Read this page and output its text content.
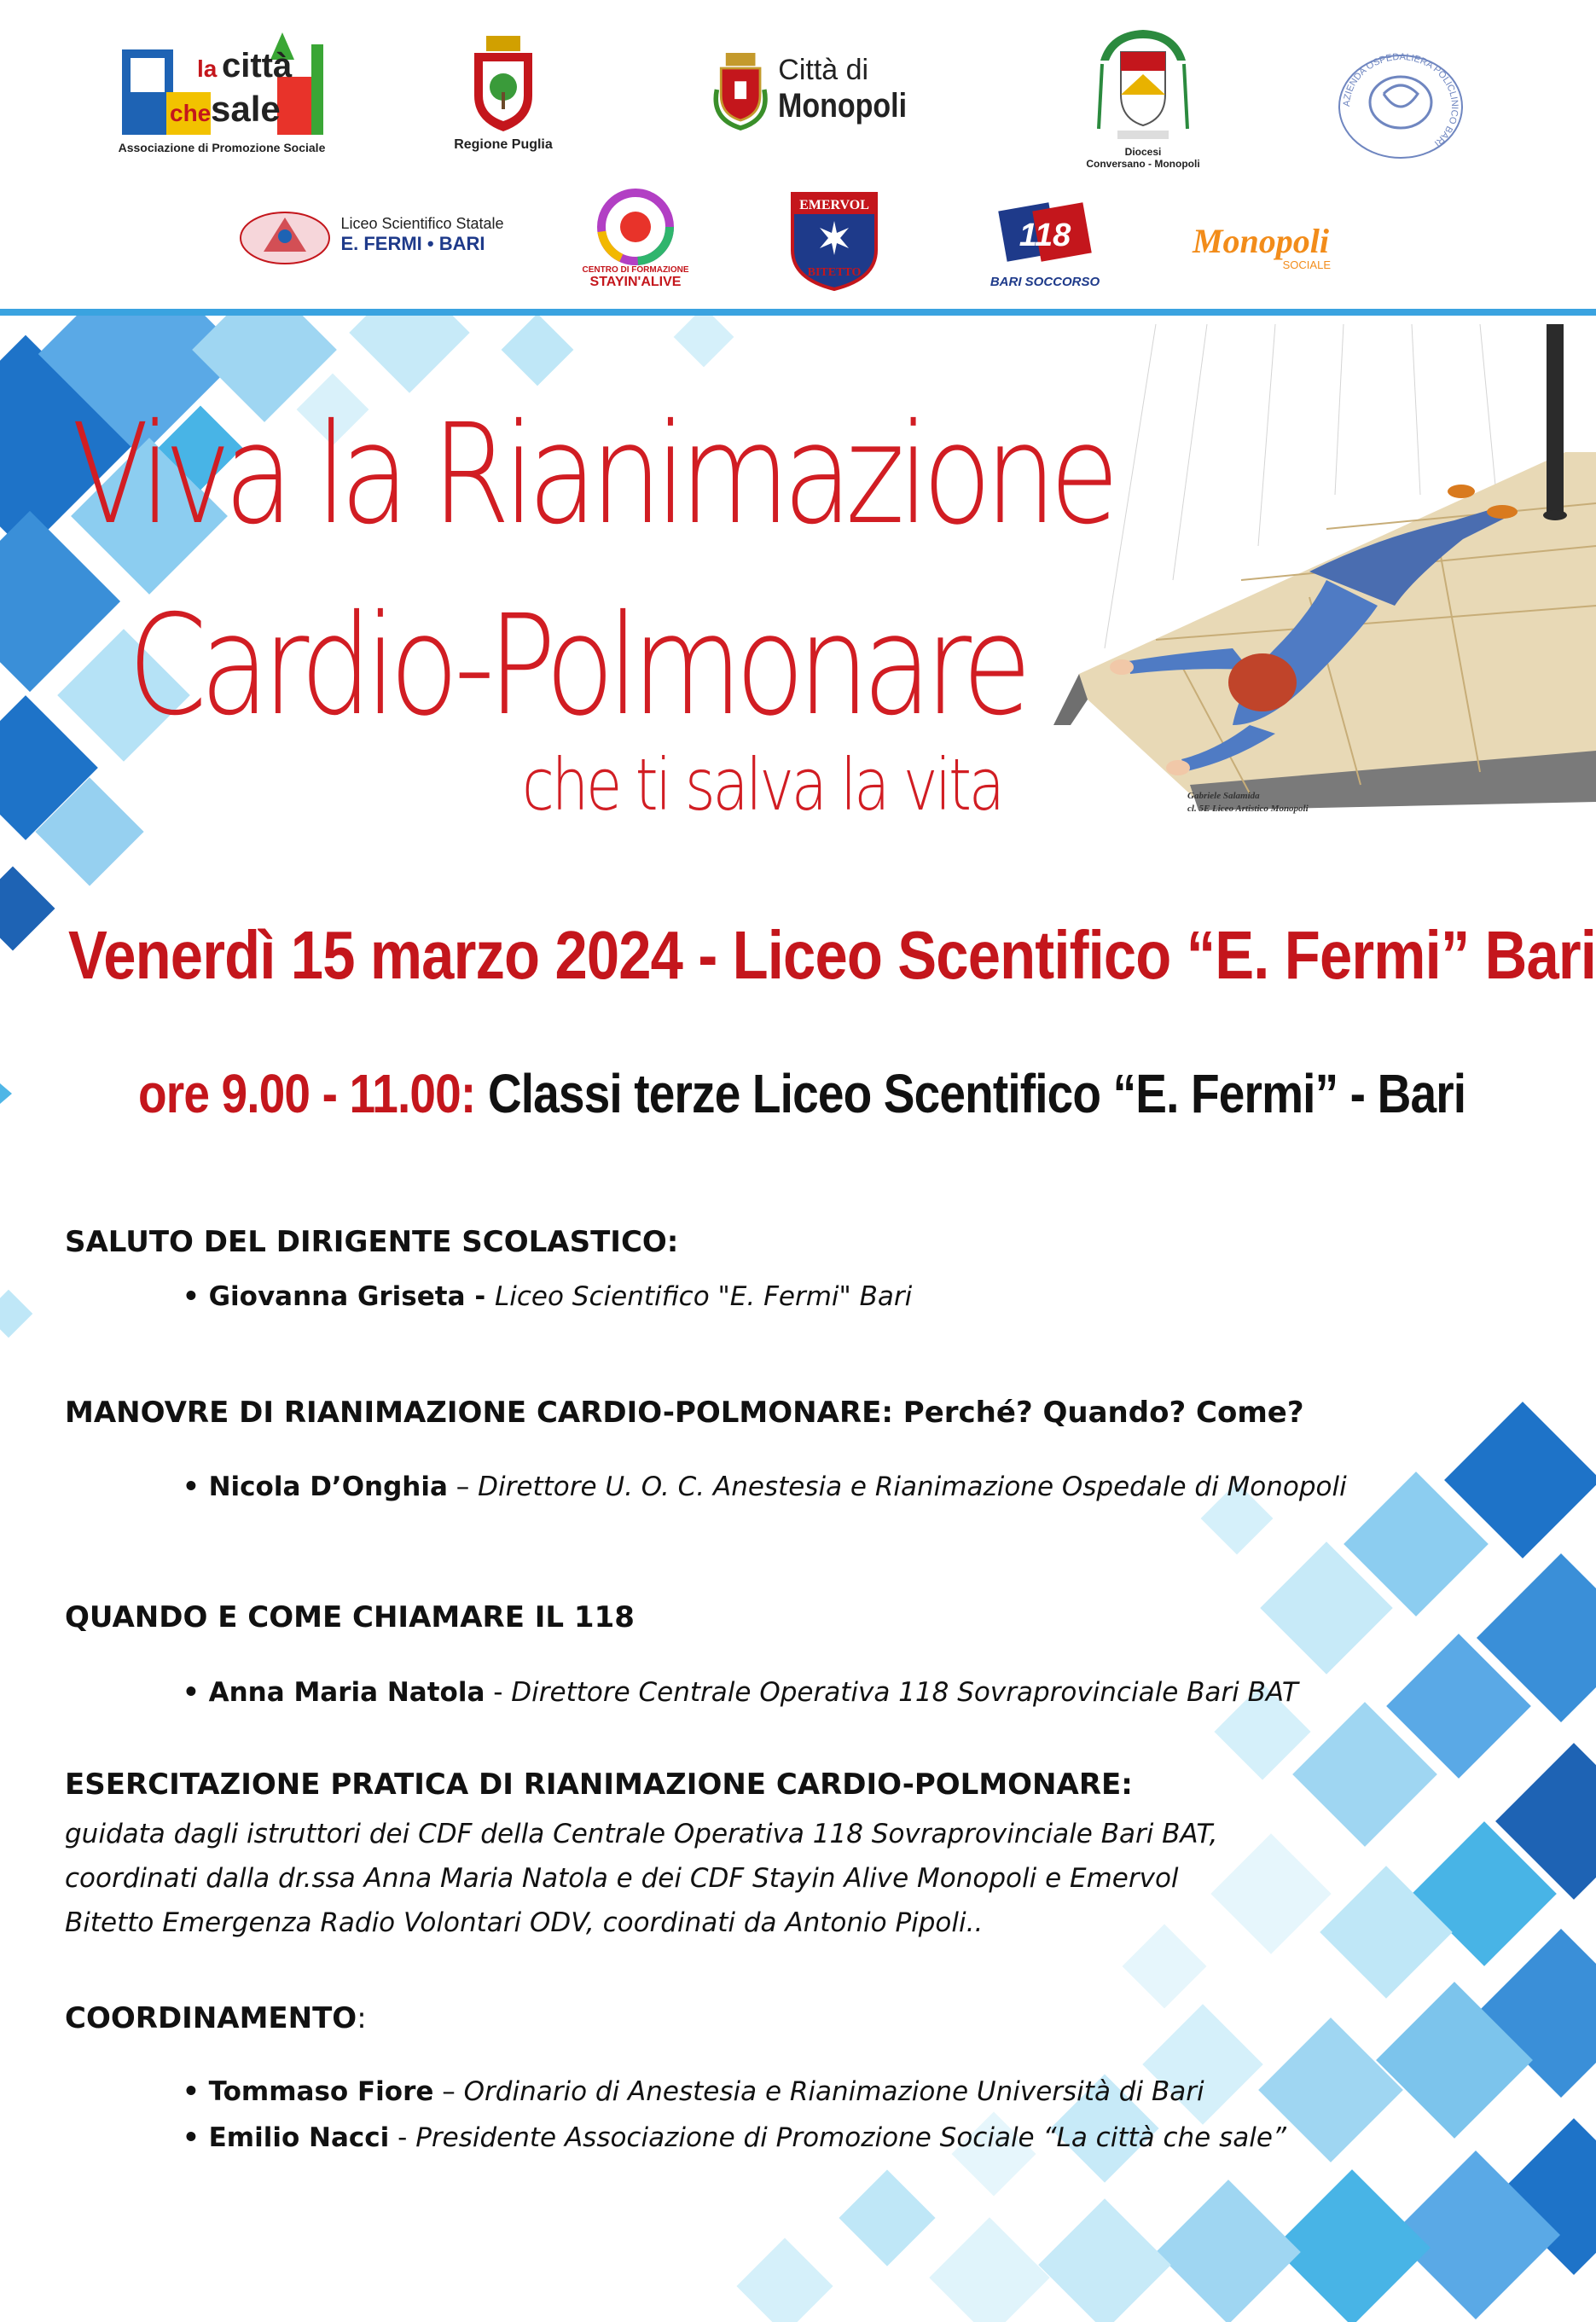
la città
che sale
Associazione di Promozione Sociale	Regione Puglia
Città di
Monopoli
Diocesi
Conversano - Monopoli
AZIENDA OSPEDALIERA POLICLINICO BARI
Liceo Scientifico Statale
E. FERMI • BARI
CENTRO DI FORMAZIONE
STAYIN'ALIVE
EMERVOL
BITETTO
118
BARI SOCCORSO
Monopoli
SOCIALE
Viva la Rianimazione
Cardio-Polmonare
che ti salva la vita	Gabriele Salamida
cl. 5E Liceo Artistico Monopoli
Venerdì 15 marzo 2024 - Liceo Scentifico “E. Fermi” Bari
ore 9.00 - 11.00: Classi terze Liceo Scentifico “E. Fermi” - Bari
SALUTO DEL DIRIGENTE SCOLASTICO:
• Giovanna Griseta - Liceo Scientifico "E. Fermi" Bari
MANOVRE DI RIANIMAZIONE CARDIO-POLMONARE: Perché? Quando? Come?
• Nicola D’Onghia – Direttore U. O. C. Anestesia e Rianimazione Ospedale di Monopoli
QUANDO E COME CHIAMARE IL 118
• Anna Maria Natola - Direttore Centrale Operativa 118 Sovraprovinciale Bari BAT
ESERCITAZIONE PRATICA DI RIANIMAZIONE CARDIO-POLMONARE:
guidata dagli istruttori dei CDF della Centrale Operativa 118 Sovraprovinciale Bari BAT,
coordinati dalla dr.ssa Anna Maria Natola e dei CDF Stayin Alive Monopoli e Emervol
Bitetto Emergenza Radio Volontari ODV, coordinati da Antonio Pipoli..
COORDINAMENTO:
• Tommaso Fiore – Ordinario di Anestesia e Rianimazione Università di Bari
• Emilio Nacci - Presidente Associazione di Promozione Sociale “La città che sale”
